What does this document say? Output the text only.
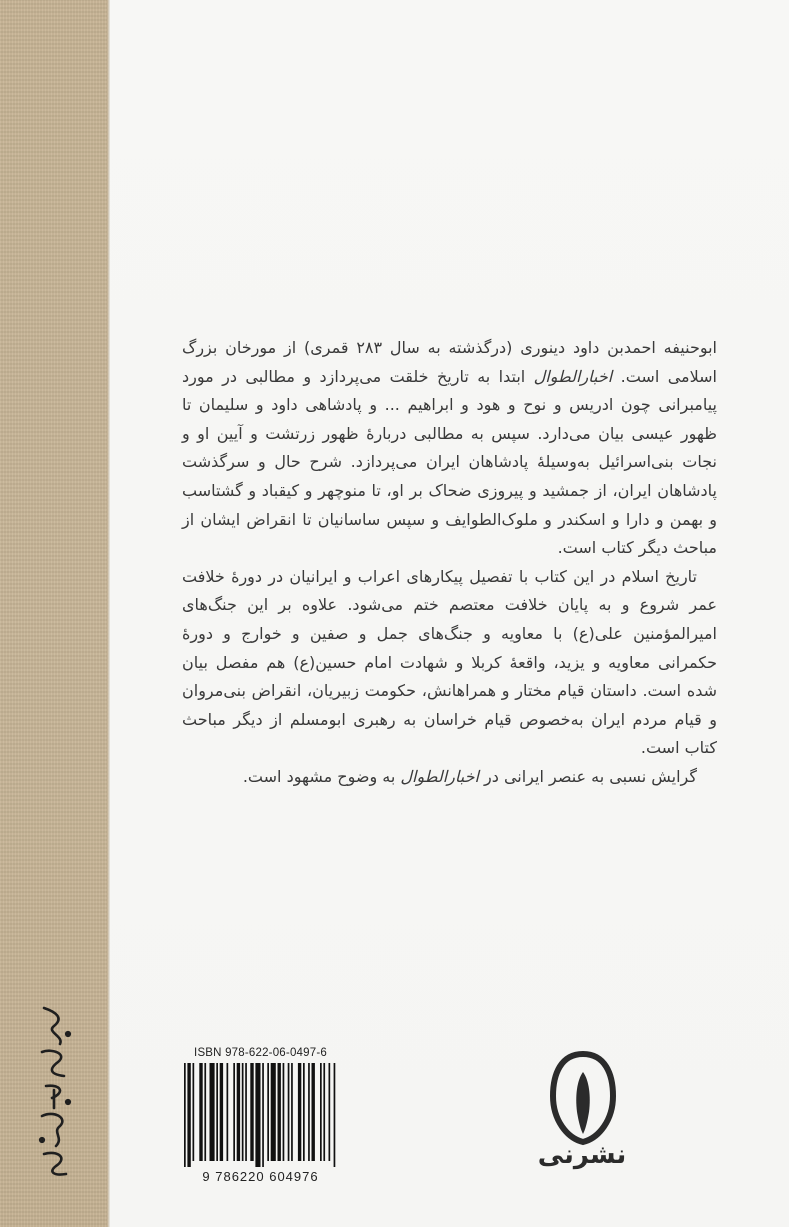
ابوحنیفه احمدبن داود دینوری (درگذشته به سال ۲۸۳ قمری) از مورخان بزرگ اسلامی است. اخبارالطوال ابتدا به تاریخ خلقت می‌پردازد و مطالبی در مورد پیامبرانی چون ادریس و نوح و هود و ابراهیم ... و پادشاهی داود و سلیمان تا ظهور عیسی بیان می‌دارد. سپس به مطالبی دربارهٔ ظهور زرتشت و آیین او و نجات بنی‌اسرائیل به‌وسیلهٔ پادشاهان ایران می‌پردازد. شرح حال و سرگذشت پادشاهان ایران، از جمشید و پیروزی ضحاک بر او، تا منوچهر و کیقباد و گشتاسب و بهمن و دارا و اسکندر و ملوک‌الطوایف و سپس ساسانیان تا انقراض ایشان از مباحث دیگر کتاب است.

تاریخ اسلام در این کتاب با تفصیل پیکارهای اعراب و ایرانیان در دورهٔ خلافت عمر شروع و به پایان خلافت معتصم ختم می‌شود. علاوه بر این جنگ‌های امیرالمؤمنین علی(ع) با معاویه و جنگ‌های جمل و صفین و خوارج و دورهٔ حکمرانی معاویه و یزید، واقعهٔ کربلا و شهادت امام حسین(ع) هم مفصل بیان شده است. داستان قیام مختار و همراهانش، حکومت زبیریان، انقراض بنی‌مروان و قیام مردم ایران به‌خصوص قیام خراسان به رهبری ابومسلم از دیگر مباحث کتاب است.

گرایش نسبی به عنصر ایرانی در اخبارالطوال به وضوح مشهود است.

ISBN 978-622-06-0497-6
9 786220 604976
نشرنی
